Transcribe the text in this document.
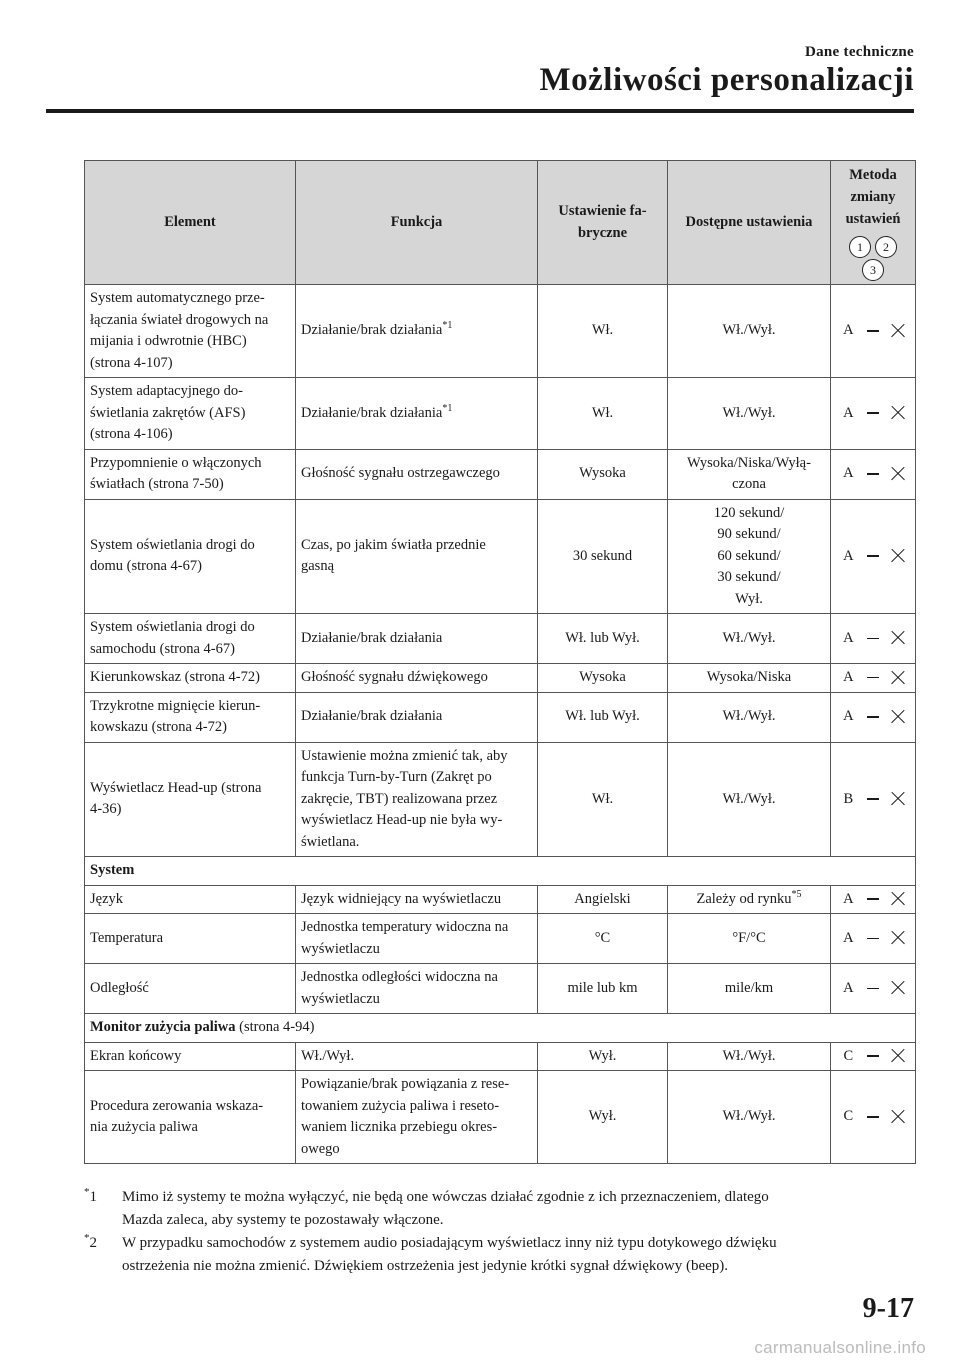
Dane techniczne
Możliwości personalizacji
Element	Funkcja	Ustawienie fa-
bryczne	Dostępne ustawienia	Metoda
zmiany
ustawień
				1 23
System automatycznego prze-
łączania świateł drogowych na
mijania i odwrotnie (HBC)
(strona 4-107)	Działanie/brak działania$^{*1}$	Wł.	Wł./Wył.	A

System adaptacyjnego do-
świetlania zakrętów (AFS)
(strona 4-106)	Działanie/brak działania$^{*1}$	Wł.	Wł./Wył.	A

Przypomnienie o włączonych
światłach (strona 7-50)	Głośność sygnału ostrzegawczego	Wysoka	Wysoka/Niska/Wyłą-
czona	A

System oświetlania drogi do
domu (strona 4-67)	Czas, po jakim światła przednie
gasną	30 sekund	120 sekund/
90 sekund/
60 sekund/
30 sekund/
Wył.	A

System oświetlania drogi do
samochodu (strona 4-67)	Działanie/brak działania	Wł. lub Wył.	Wł./Wył.	A

Kierunkowskaz (strona 4-72)	Głośność sygnału dźwiękowego	Wysoka	Wysoka/Niska	A

Trzykrotne mignięcie kierun-
kowskazu (strona 4-72)	Działanie/brak działania	Wł. lub Wył.	Wł./Wył.	A

Wyświetlacz Head-up (strona
4-36)	Ustawienie można zmienić tak, aby
funkcja Turn-by-Turn (Zakręt po
zakręcie, TBT) realizowana przez
wyświetlacz Head-up nie była wy-
świetlana.	Wł.	Wł./Wył.	B

System				
Język	Język widniejący na wyświetlaczu	Angielski	Zależy od rynku$^{*5}$	A

Temperatura	Jednostka temperatury widoczna na
wyświetlaczu	°C	°F/°C	A

Odległość	Jednostka odległości widoczna na
wyświetlaczu	mile lub km	mile/km	A

Monitor zużycia paliwa (strona 4-94)				
Ekran końcowy	Wł./Wył.	Wył.	Wł./Wył.	C

Procedura zerowania wskaza-
nia zużycia paliwa	Powiązanie/brak powiązania z rese-
towaniem zużycia paliwa i reseto-
waniem licznika przebiegu okres-
owego	Wył.	Wł./Wył.	C
*1	Mimo iż systemy te można wyłączyć, nie będą one wówczas działać zgodnie z ich przeznaczeniem, dlatego
Mazda zaleca, aby systemy te pozostawały włączone.
*2	W przypadku samochodów z systemem audio posiadającym wyświetlacz inny niż typu dotykowego dźwięku
ostrzeżenia nie można zmienić. Dźwiękiem ostrzeżenia jest jedynie krótki sygnał dźwiękowy (beep).
9-17
carmanualsonline.info
